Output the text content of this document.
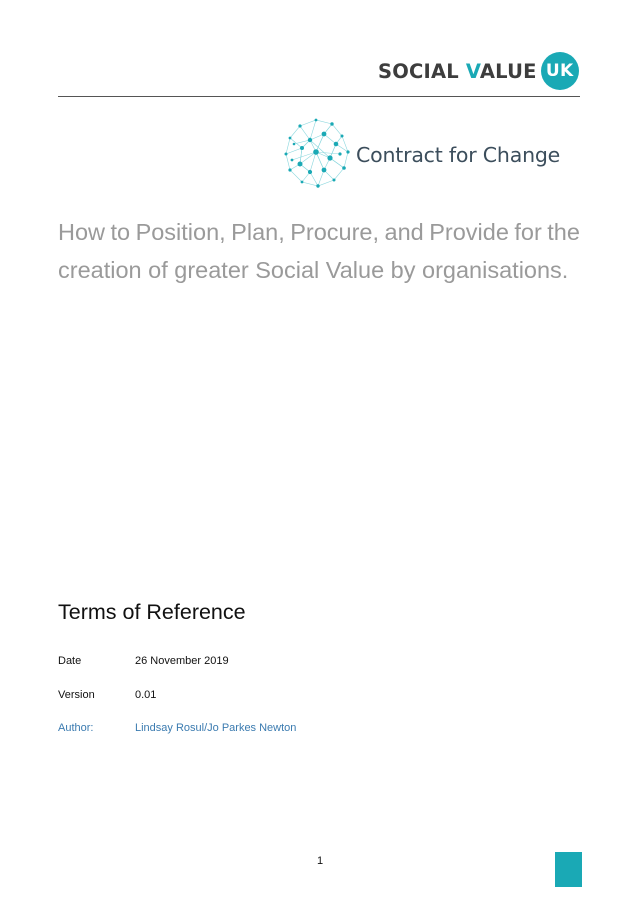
SOCIAL VALUE UK
Contract for Change
How to Position, Plan, Procure, and Provide for the
creation of greater Social Value by organisations.
Terms of Reference
Date	26 November 2019
Version	0.01
Author:	Lindsay Rosul/Jo Parkes Newton
1
